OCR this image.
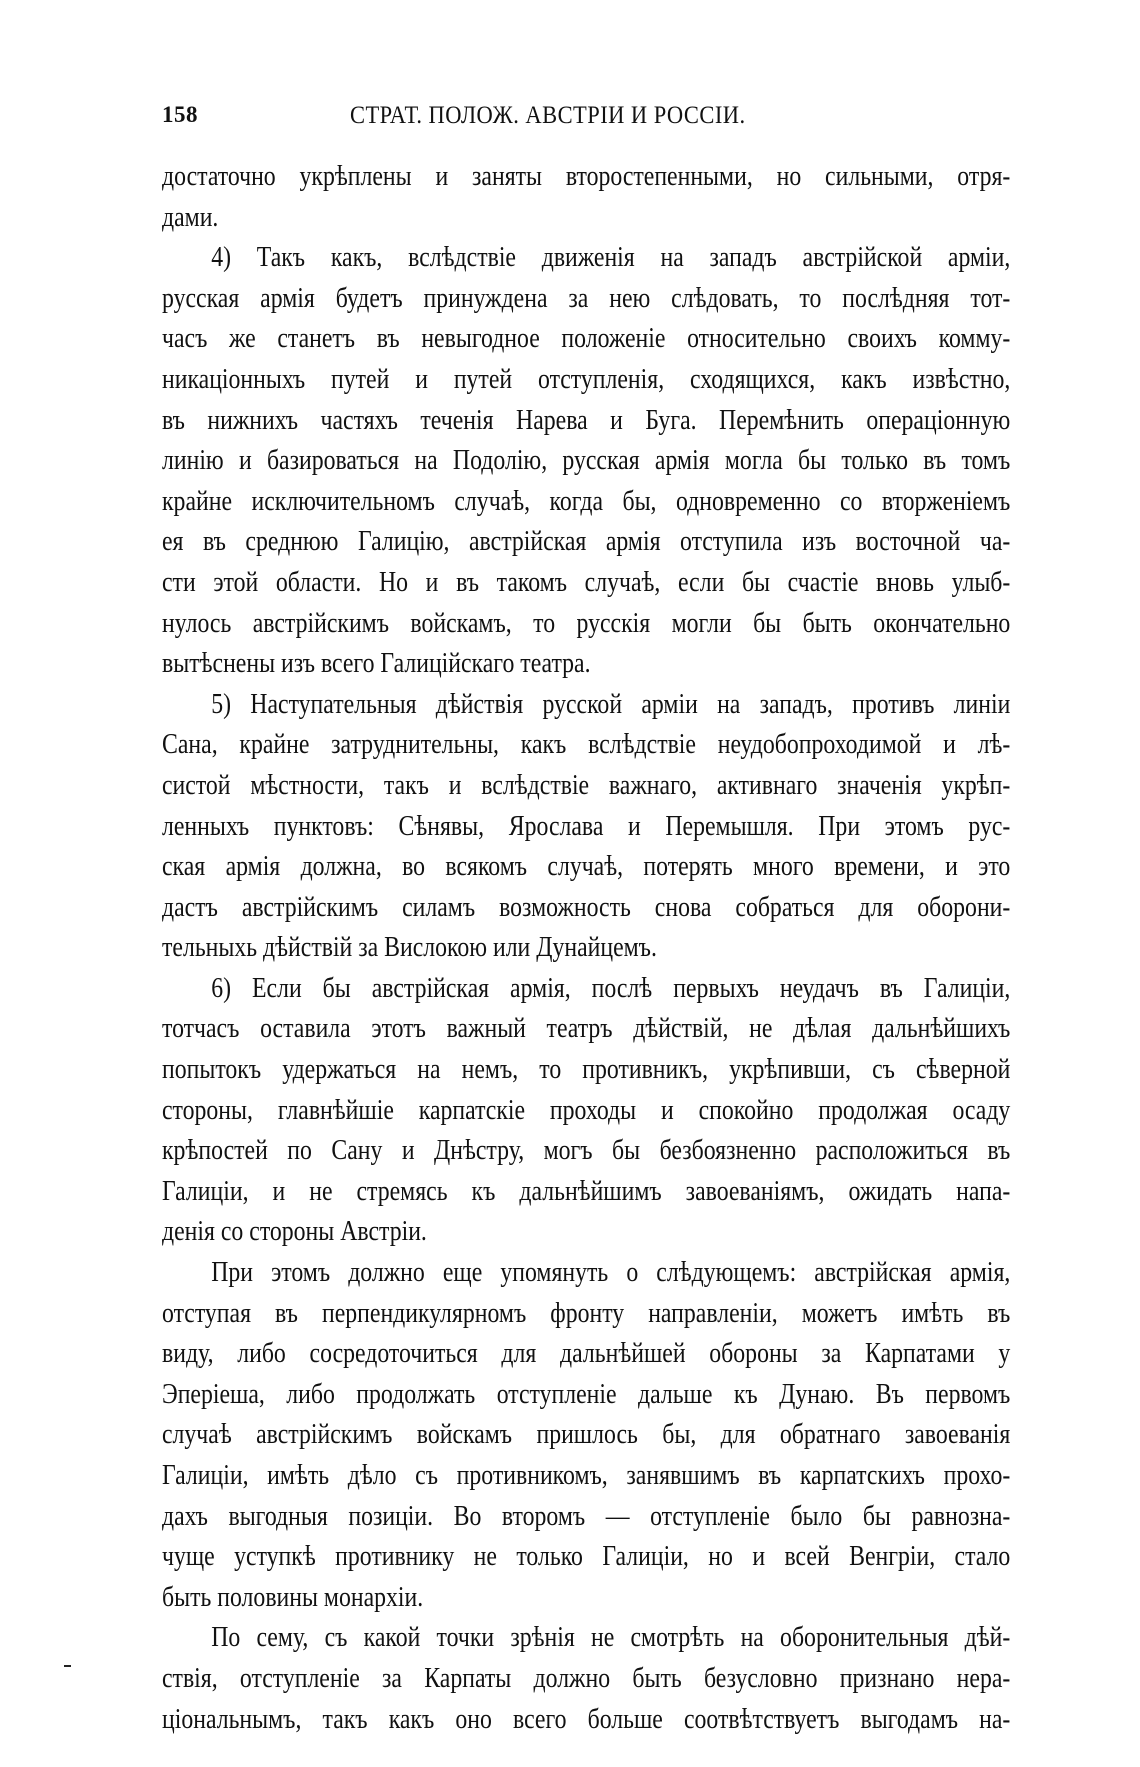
158	СТРАТ. ПОЛОЖ. АВСТРІИ И РОССІИ.
достаточно укрѣплены и заняты второстепенными, но сильными, отря-
дами.
4) Такъ какъ, вслѣдствіе движенія на западъ австрійской арміи,
русская армія будетъ принуждена за нею слѣдовать, то послѣдняя тот-
часъ же станетъ въ невыгодное положеніе относительно своихъ комму-
никаціонныхъ путей и путей отступленія, сходящихся, какъ извѣстно,
въ нижнихъ частяхъ теченія Нарева и Буга. Перемѣнить операціонную
линію и базироваться на Подолію, русская армія могла бы только въ томъ
крайне исключительномъ случаѣ, когда бы, одновременно со вторженіемъ
ея въ среднюю Галицію, австрійская армія отступила изъ восточной ча-
сти этой области. Но и въ такомъ случаѣ, если бы счастіе вновь улыб-
нулось австрійскимъ войскамъ, то русскія могли бы быть окончательно
вытѣснены изъ всего Галиційскаго театра.
5) Наступательныя дѣйствія русской арміи на западъ, противъ линіи
Сана, крайне затруднительны, какъ вслѣдствіе неудобопроходимой и лѣ-
систой мѣстности, такъ и вслѣдствіе важнаго, активнаго значенія укрѣп-
ленныхъ пунктовъ: Сѣнявы, Ярослава и Перемышля. При этомъ рус-
ская армія должна, во всякомъ случаѣ, потерять много времени, и это
дастъ австрійскимъ силамъ возможность снова собраться для оборони-
тельныхь дѣйствій за Вислокою или Дунайцемъ.
6) Если бы австрійская армія, послѣ первыхъ неудачъ въ Галиціи,
тотчасъ оставила этотъ важный театръ дѣйствій, не дѣлая дальнѣйшихъ
попытокъ удержаться на немъ, то противникъ, укрѣпивши, съ сѣверной
стороны, главнѣйшіе карпатскіе проходы и спокойно продолжая осаду
крѣпостей по Сану и Днѣстру, могъ бы безбоязненно расположиться въ
Галиціи, и не стремясь къ дальнѣйшимъ завоеваніямъ, ожидать напа-
денія со стороны Австріи.
При этомъ должно еще упомянуть о слѣдующемъ: австрійская армія,
отступая въ перпендикулярномъ фронту направленіи, можетъ имѣть въ
виду, либо сосредоточиться для дальнѣйшей обороны за Карпатами у
Эперіеша, либо продолжать отступленіе дальше къ Дунаю. Въ первомъ
случаѣ австрійскимъ войскамъ пришлось бы, для обратнаго завоеванія
Галиціи, имѣть дѣло съ противникомъ, занявшимъ въ карпатскихъ прохо-
дахъ выгодныя позиціи. Во второмъ — отступленіе было бы равнозна-
чуще уступкѣ противнику не только Галиціи, но и всей Венгріи, стало
быть половины монархіи.
По сему, съ какой точки зрѣнія не смотрѣть на оборонительныя дѣй-
ствія, отступленіе за Карпаты должно быть безусловно признано нера-
ціональнымъ, такъ какъ оно всего больше соотвѣтствуетъ выгодамъ на-
